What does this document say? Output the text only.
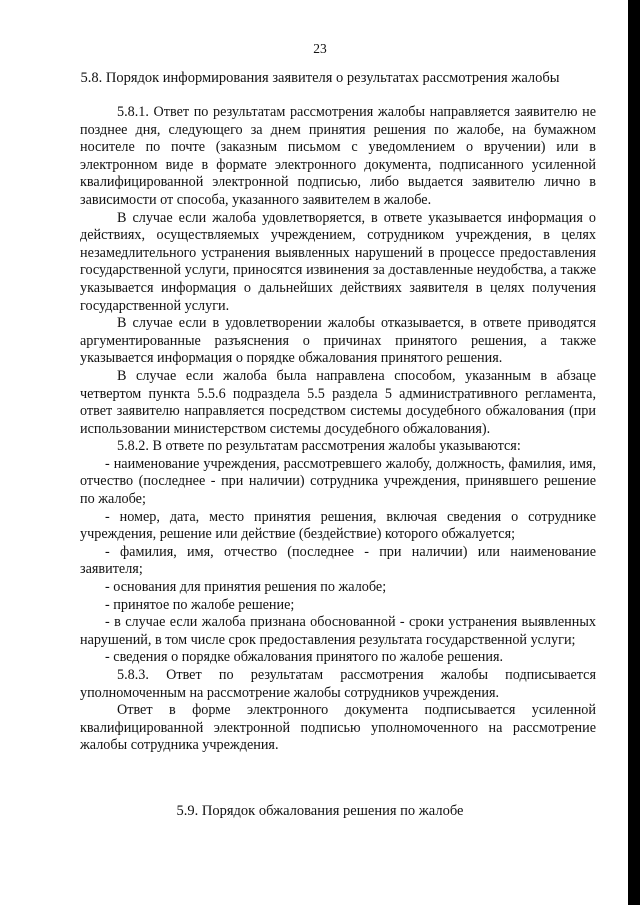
23
5.8. Порядок информирования заявителя о результатах рассмотрения жалобы

5.8.1. Ответ по результатам рассмотрения жалобы направляется заявителю не позднее дня, следующего за днем принятия решения по жалобе, на бумажном носителе по почте (заказным письмом с уведомлением о вручении) или в электронном виде в формате электронного документа, подписанного усиленной квалифицированной электронной подписью, либо выдается заявителю лично в зависимости от способа, указанного заявителем в жалобе.

В случае если жалоба удовлетворяется, в ответе указывается информация о действиях, осуществляемых учреждением, сотрудником учреждения, в целях незамедлительного устранения выявленных нарушений в процессе предоставления государственной услуги, приносятся извинения за доставленные неудобства, а также указывается информация о дальнейших действиях заявителя в целях получения государственной услуги.

В случае если в удовлетворении жалобы отказывается, в ответе приводятся аргументированные разъяснения о причинах принятого решения, а также указывается информация о порядке обжалования принятого решения.

В случае если жалоба была направлена способом, указанным в абзаце четвертом пункта 5.5.6 подраздела 5.5 раздела 5 административного регламента, ответ заявителю направляется посредством системы досудебного обжалования (при использовании министерством системы досудебного обжалования).

5.8.2. В ответе по результатам рассмотрения жалобы указываются:

- наименование учреждения, рассмотревшего жалобу, должность, фамилия, имя, отчество (последнее - при наличии) сотрудника учреждения, принявшего решение по жалобе;

- номер, дата, место принятия решения, включая сведения о сотруднике учреждения, решение или действие (бездействие) которого обжалуется;

- фамилия, имя, отчество (последнее - при наличии) или наименование заявителя;

- основания для принятия решения по жалобе;

- принятое по жалобе решение;

- в случае если жалоба признана обоснованной - сроки устранения выявленных нарушений, в том числе срок предоставления результата государственной услуги;

- сведения о порядке обжалования принятого по жалобе решения.

5.8.3. Ответ по результатам рассмотрения жалобы подписывается уполномоченным на рассмотрение жалобы сотрудников учреждения.

Ответ в форме электронного документа подписывается усиленной квалифицированной электронной подписью уполномоченного на рассмотрение жалобы сотрудника учреждения.

5.9. Порядок обжалования решения по жалобе
